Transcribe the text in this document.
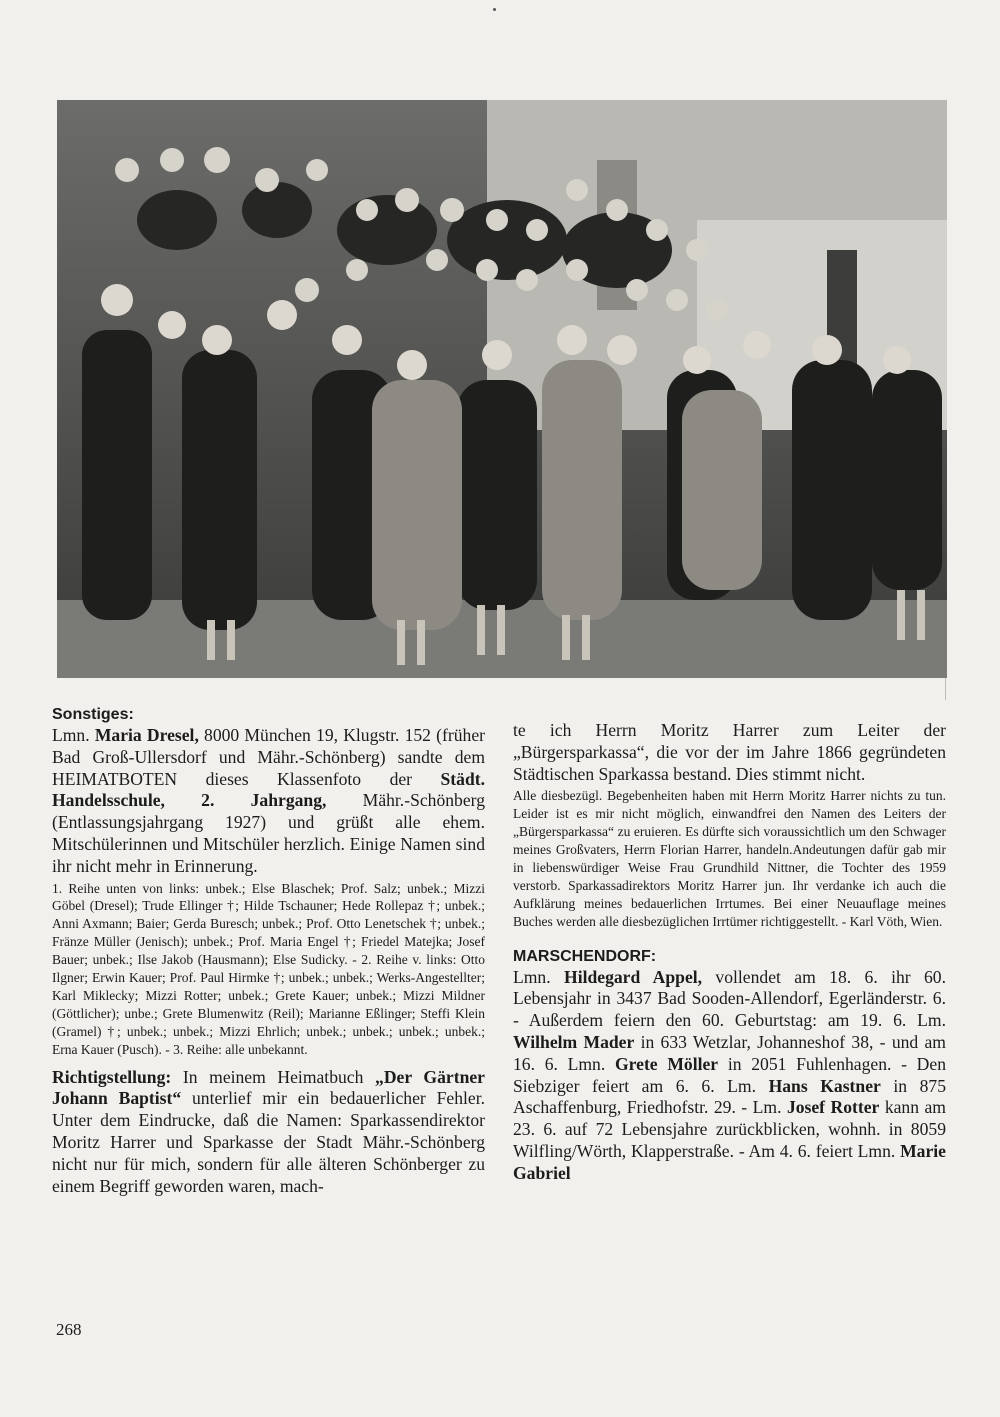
Sonstiges:

Lmn. Maria Dresel, 8000 München 19, Klugstr. 152 (früher Bad Groß-Ullersdorf und Mähr.-Schönberg) sandte dem HEIMATBOTEN dieses Klassenfoto der Städt. Handelsschule, 2. Jahrgang, Mähr.-Schönberg (Entlassungsjahrgang 1927) und grüßt alle ehem. Mitschülerinnen und Mitschüler herzlich. Einige Namen sind ihr nicht mehr in Erinnerung.

1. Reihe unten von links: unbek.; Else Blaschek; Prof. Salz; unbek.; Mizzi Göbel (Dresel); Trude Ellinger †; Hilde Tschauner; Hede Rollepaz †; unbek.; Anni Axmann; Baier; Gerda Buresch; unbek.; Prof. Otto Lenetschek †; unbek.; Fränze Müller (Jenisch); unbek.; Prof. Maria Engel †; Friedel Matejka; Josef Bauer; unbek.; Ilse Jakob (Hausmann); Else Sudicky. - 2. Reihe v. links: Otto Ilgner; Erwin Kauer; Prof. Paul Hirmke †; unbek.; unbek.; Werks-Angestellter; Karl Miklecky; Mizzi Rotter; unbek.; Grete Kauer; unbek.; Mizzi Mildner (Göttlicher); unbe.; Grete Blumenwitz (Reil); Marianne Eßlinger; Steffi Klein (Gramel) †; unbek.; unbek.; Mizzi Ehrlich; unbek.; unbek.; unbek.; unbek.; Erna Kauer (Pusch). - 3. Reihe: alle unbekannt.

Richtigstellung: In meinem Heimatbuch „Der Gärtner Johann Baptist“ unterlief mir ein bedauerlicher Fehler. Unter dem Eindrucke, daß die Namen: Sparkassendirektor Moritz Harrer und Sparkasse der Stadt Mähr.-Schönberg nicht nur für mich, sondern für alle älteren Schönberger zu einem Begriff geworden waren, mach-

te ich Herrn Moritz Harrer zum Leiter der „Bürgersparkassa“, die vor der im Jahre 1866 gegründeten Städtischen Sparkassa bestand. Dies stimmt nicht.

Alle diesbezügl. Begebenheiten haben mit Herrn Moritz Harrer nichts zu tun. Leider ist es mir nicht möglich, einwandfrei den Namen des Leiters der „Bürgersparkassa“ zu eruieren. Es dürfte sich voraussichtlich um den Schwager meines Großvaters, Herrn Florian Harrer, handeln.Andeutungen dafür gab mir in liebenswürdiger Weise Frau Grundhild Nittner, die Tochter des 1959 verstorb. Sparkassadirektors Moritz Harrer jun. Ihr verdanke ich auch die Aufklärung meines bedauerlichen Irrtumes. Bei einer Neuauflage meines Buches werden alle diesbezüglichen Irrtümer richtiggestellt. - Karl Vöth, Wien.

MARSCHENDORF:

Lmn. Hildegard Appel, vollendet am 18. 6. ihr 60. Lebensjahr in 3437 Bad Sooden-Allendorf, Egerländerstr. 6. - Außerdem feiern den 60. Geburtstag: am 19. 6. Lm. Wilhelm Mader in 633 Wetzlar, Johanneshof 38, - und am 16. 6. Lmn. Grete Möller in 2051 Fuhlenhagen. - Den Siebziger feiert am 6. 6. Lm. Hans Kastner in 875 Aschaffenburg, Friedhofstr. 29. - Lm. Josef Rotter kann am 23. 6. auf 72 Lebensjahre zurückblicken, wohnh. in 8059 Wilfling/Wörth, Klapperstraße. - Am 4. 6. feiert Lmn. Marie Gabriel

268
